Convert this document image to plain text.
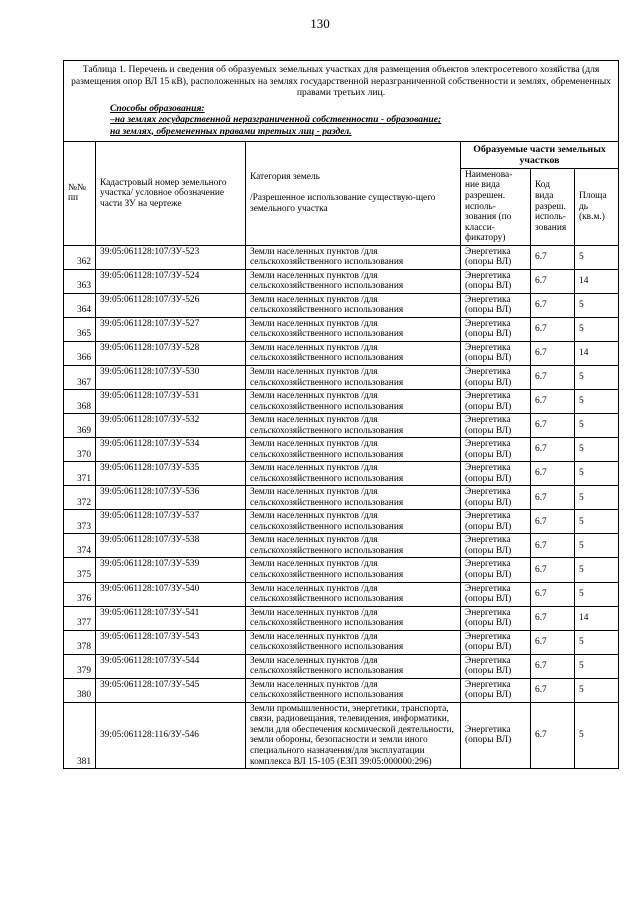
130
Таблица 1. Перечень и сведения об образуемых земельных участках для размещения объектов электросетевого хозяйства (для размещения опор ВЛ 15 кВ), расположенных на землях государственной неразграниченной собственности и землях, обремененных правами третьих лиц.
Способы образования:
–на землях государственной неразграниченной собственности - образование;
на землях, обремененных правами третьих лиц - раздел.					

№№ пп	Кадастровый номер земельного участка/ условное обозначение части ЗУ на чертеже	Категория земель

/Разрешенное использование существую-щего земельного участка	Образуемые части земельных участков		
			Наименова-ние вида разрешен. исполь-зования (по класси-фикатору)	Код вида разреш. исполь-зования	Площа дь (кв.м.)
362	39:05:061128:107/ЗУ-523	Земли населенных пунктов /для сельскохозяйственного использования	Энергетика (опоры ВЛ)	6.7	5
363	39:05:061128:107/ЗУ-524	Земли населенных пунктов /для сельскохозяйственного использования	Энергетика (опоры ВЛ)	6.7	14
364	39:05:061128:107/ЗУ-526	Земли населенных пунктов /для сельскохозяйственного использования	Энергетика (опоры ВЛ)	6.7	5
365	39:05:061128:107/ЗУ-527	Земли населенных пунктов /для сельскохозяйственного использования	Энергетика (опоры ВЛ)	6.7	5
366	39:05:061128:107/ЗУ-528	Земли населенных пунктов /для сельскохозяйственного использования	Энергетика (опоры ВЛ)	6.7	14
367	39:05:061128:107/ЗУ-530	Земли населенных пунктов /для сельскохозяйственного использования	Энергетика (опоры ВЛ)	6.7	5
368	39:05:061128:107/ЗУ-531	Земли населенных пунктов /для сельскохозяйственного использования	Энергетика (опоры ВЛ)	6.7	5
369	39:05:061128:107/ЗУ-532	Земли населенных пунктов /для сельскохозяйственного использования	Энергетика (опоры ВЛ)	6.7	5
370	39:05:061128:107/ЗУ-534	Земли населенных пунктов /для сельскохозяйственного использования	Энергетика (опоры ВЛ)	6.7	5
371	39:05:061128:107/ЗУ-535	Земли населенных пунктов /для сельскохозяйственного использования	Энергетика (опоры ВЛ)	6.7	5
372	39:05:061128:107/ЗУ-536	Земли населенных пунктов /для сельскохозяйственного использования	Энергетика (опоры ВЛ)	6.7	5
373	39:05:061128:107/ЗУ-537	Земли населенных пунктов /для сельскохозяйственного использования	Энергетика (опоры ВЛ)	6.7	5
374	39:05:061128:107/ЗУ-538	Земли населенных пунктов /для сельскохозяйственного использования	Энергетика (опоры ВЛ)	6.7	5
375	39:05:061128:107/ЗУ-539	Земли населенных пунктов /для сельскохозяйственного использования	Энергетика (опоры ВЛ)	6.7	5
376	39:05:061128:107/ЗУ-540	Земли населенных пунктов /для сельскохозяйственного использования	Энергетика (опоры ВЛ)	6.7	5
377	39:05:061128:107/ЗУ-541	Земли населенных пунктов /для сельскохозяйственного использования	Энергетика (опоры ВЛ)	6.7	14
378	39:05:061128:107/ЗУ-543	Земли населенных пунктов /для сельскохозяйственного использования	Энергетика (опоры ВЛ)	6.7	5
379	39:05:061128:107/ЗУ-544	Земли населенных пунктов /для сельскохозяйственного использования	Энергетика (опоры ВЛ)	6.7	5
380	39:05:061128:107/ЗУ-545	Земли населенных пунктов /для сельскохозяйственного использования	Энергетика (опоры ВЛ)	6.7	5
381	39:05:061128:116/ЗУ-546	Земли промышленности, энергетики, транспорта, связи, радиовещания, телевидения, информатики, земли для обеспечения космической деятельности, земли обороны, безопасности и земли иного специального назначения/для эксплуатации комплекса ВЛ 15-105 (ЕЗП 39:05:000000:296)	Энергетика (опоры ВЛ)	6.7	5
